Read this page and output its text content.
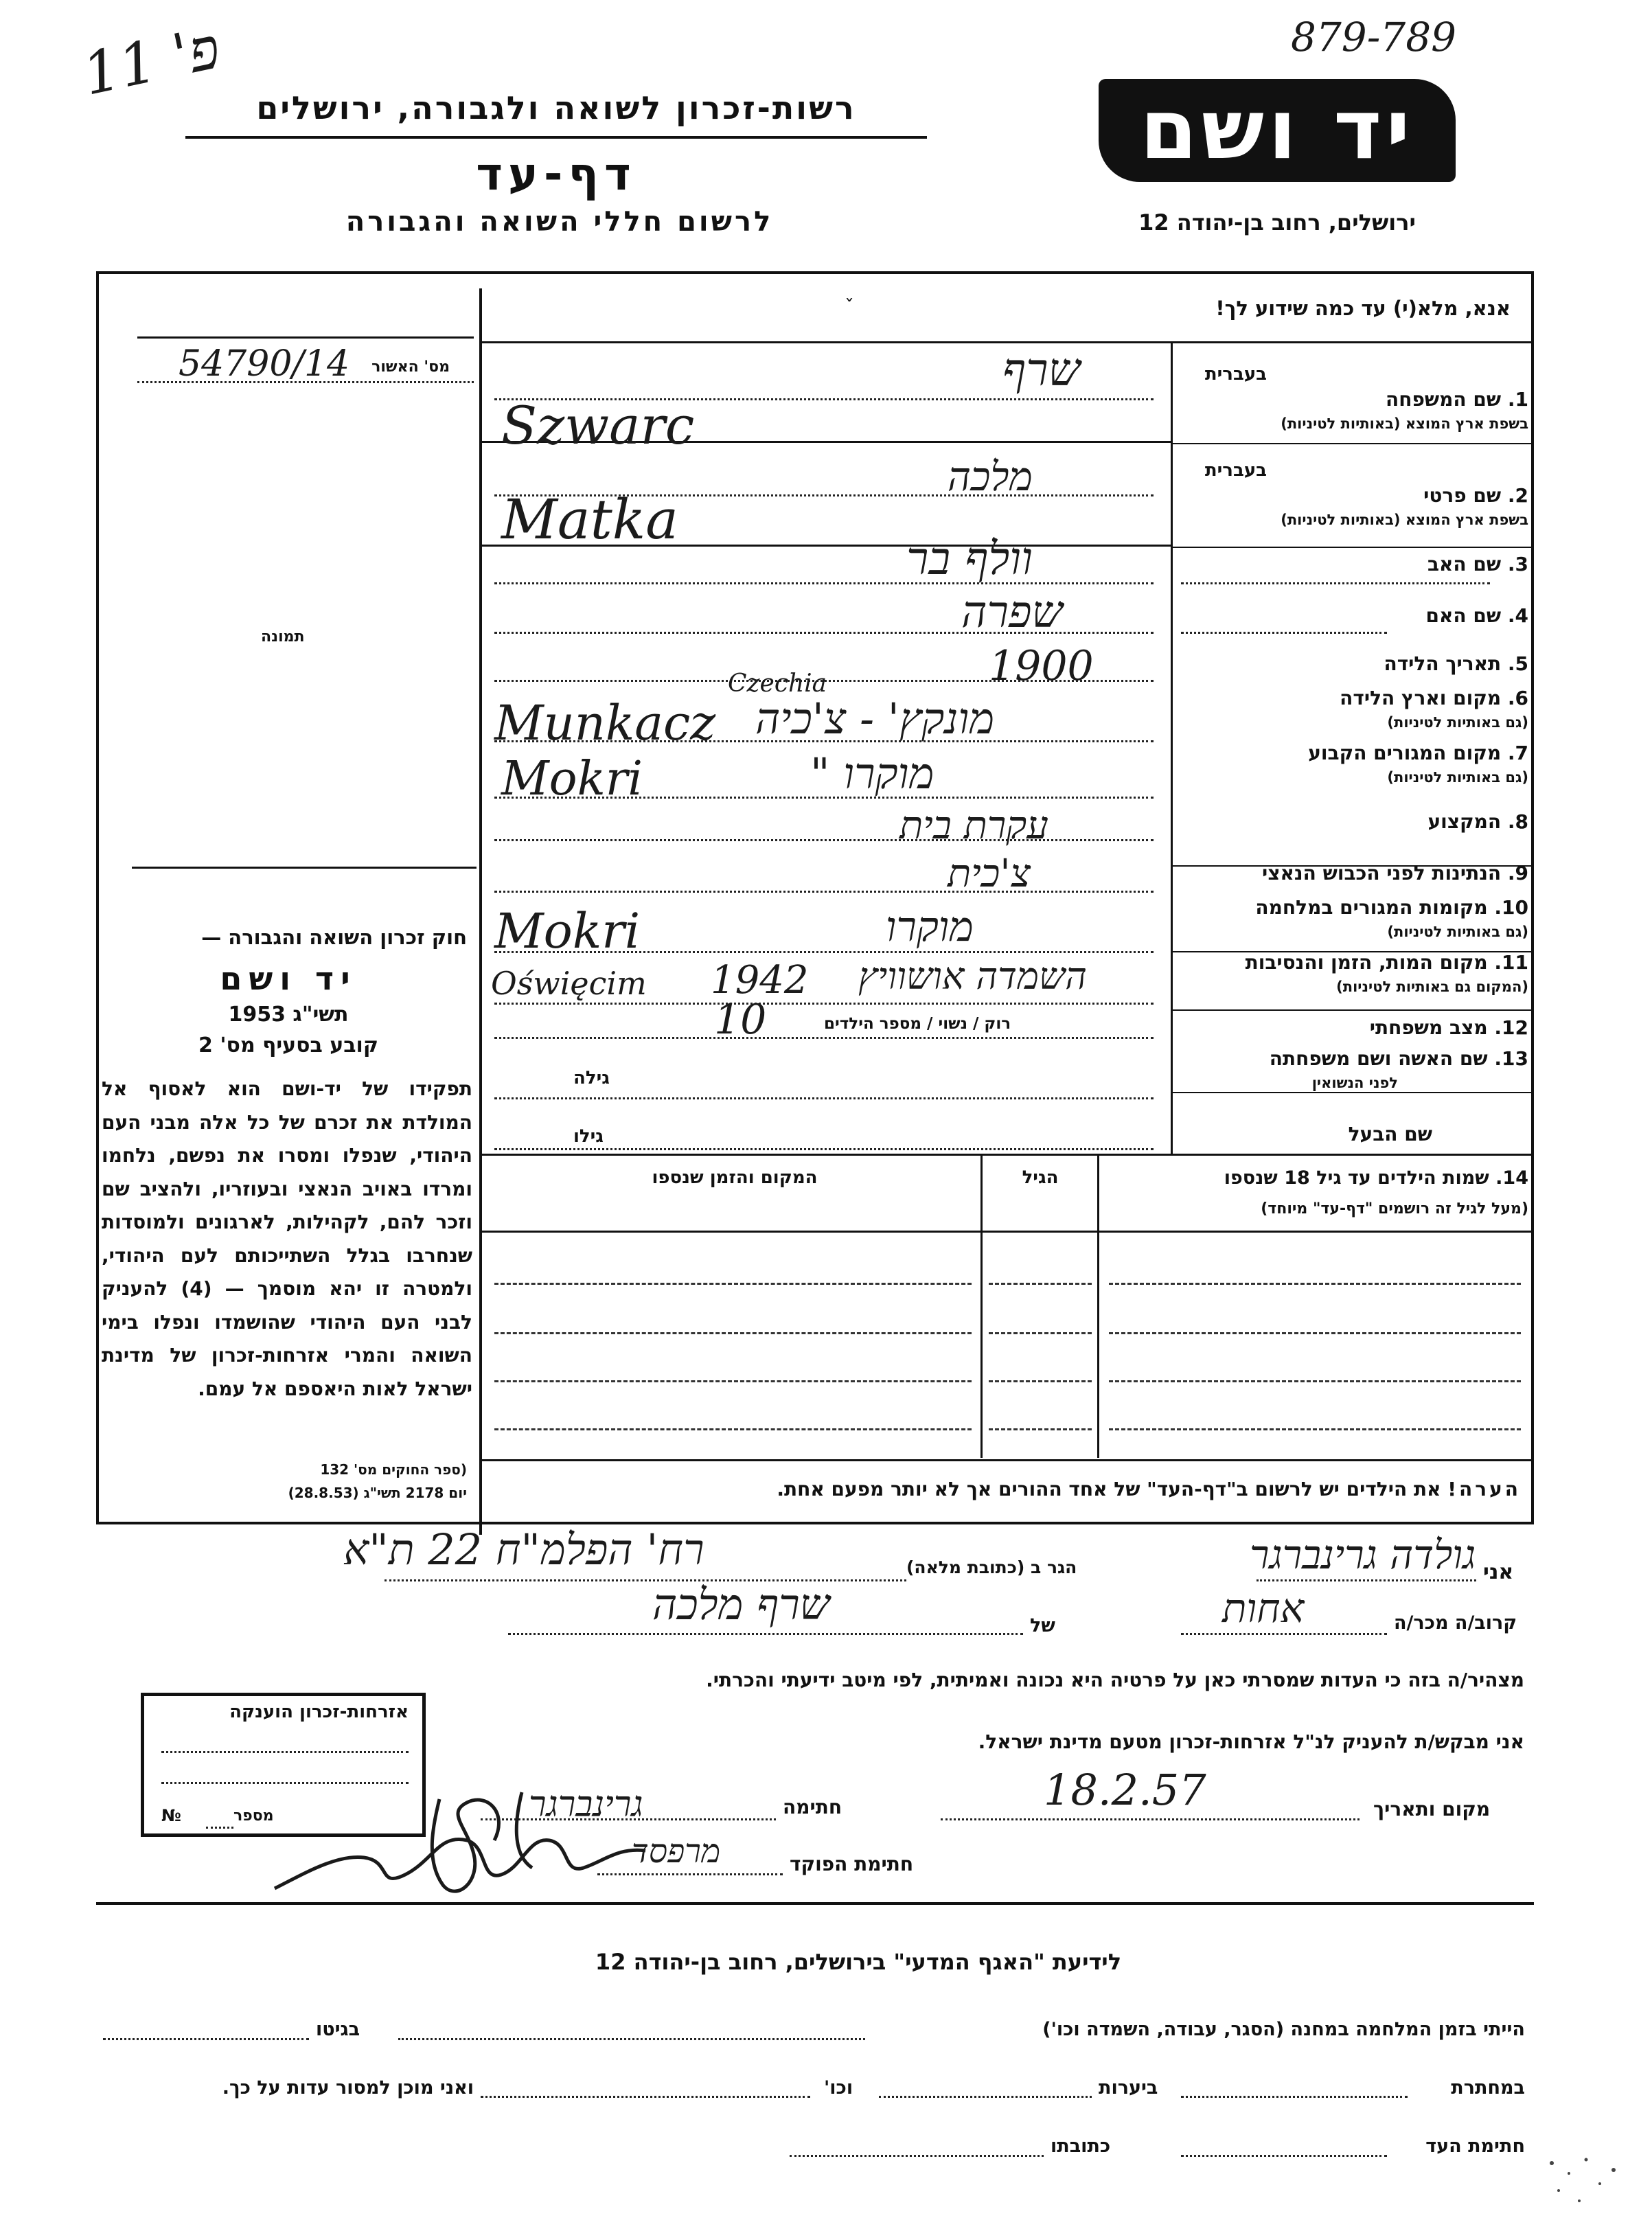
879-789
פ' 11
רשות-זכרון לשואה ולגבורה, ירושלים
דף-עד
לרשום חללי השואה והגבורה
יד ושם
ירושלים, רחוב בן-יהודה 12
אנא, מלא(י) עד כמה שידוע לך!
ˇ
מס' האשור
54790/14
תמונה
חוק זכרון השואה והגבורה —
יד ושם
תשי"ג 1953
קובע בסעיף מס' 2
תפקידו של יד-ושם הוא לאסוף אל המולדת את זכרם של כל אלה מבני העם היהודי, שנפלו ומסרו את נפשם, נלחמו ומרדו באויב הנאצי ובעוזריו, ולהציב שם וזכר להם, לקהילות, לארגונים ולמוסדות שנחרבו בגלל השתייכותם לעם היהודי, ולמטרה זו יהא מוסמך — (4) להעניק לבני העם היהודי שהושמדו ונפלו בימי השואה והמרי אזרחות-זכרון של מדינת ישראל לאות היאספם אל עמם.
(ספר החוקים מס' 132
יום 2178 תשי"ג (28.8.53)
בעברית
1. שם המשפחה
בשפת ארץ המוצא (באותיות לטיניות)
שרף
Szwarc
בעברית
2. שם פרטי
בשפת ארץ המוצא (באותיות לטיניות)
מלכה
Matka
3. שם האב
וולף בר
4. שם האם
שפרה
5. תאריך הלידה
1900
6. מקום וארץ הלידה
(גם באותיות לטיניות)
מונקץ' - צ'כיה
Munkacz
Czechia
7. מקום המגורים הקבוע
(גם באותיות לטיניות)
מוקרו "
Mokri
8. המקצוע
עקרת בית
9. הנתינות לפני הכבוש הנאצי
צ'כית
10. מקומות המגורים במלחמה
(גם באותיות לטיניות)
מוקרו
Mokri
11. מקום המות, הזמן והנסיבות
(המקום גם באותיות לטיניות)
השמדה אושוויץ
1942
Oświęcim
12. מצב משפחתי
רוק / נשוי / מספר הילדים
10
13. שם האשה ושם משפחתה
לפני הנשואין
גילה
שם הבעל
גילו
14. שמות הילדים עד גיל 18 שנספו
(מעל לגיל זה רושמים "דף-עד" מיוחד)
הגיל
המקום והזמן שנספו
הערה! את הילדים יש לרשום ב"דף-העד" של אחד ההורים אך לא יותר מפעם אחת.
אני
גולדה גרינברגר
הגר ב (כתובת מלאה)
רח' הפלמ"ח 22 ת"א
קרוב/ה מכר/ה
אחות
של
שרף מלכה
מצהיר/ה בזה כי העדות שמסרתי כאן על פרטיה היא נכונה ואמיתית, לפי מיטב ידיעתי והכרתי.
אני מבקש/ת להעניק לנ"ל אזרחות-זכרון מטעם מדינת ישראל.
מקום ותאריך
18.2.57
חתימה
גרינברגר
חתימת הפוקד
מרפסד
אזרחות-זכרון הוענקה
מספר
№
לידיעת "האגף המדעי" בירושלים, רחוב בן-יהודה 12
הייתי בזמן המלחמה במחנה (הסגר, עבודה, השמדה וכו')
בגיטו
במחתרת
ביערות
וכו'
ואני מוכן למסור עדות על כך.
חתימת העד
כתובתו
